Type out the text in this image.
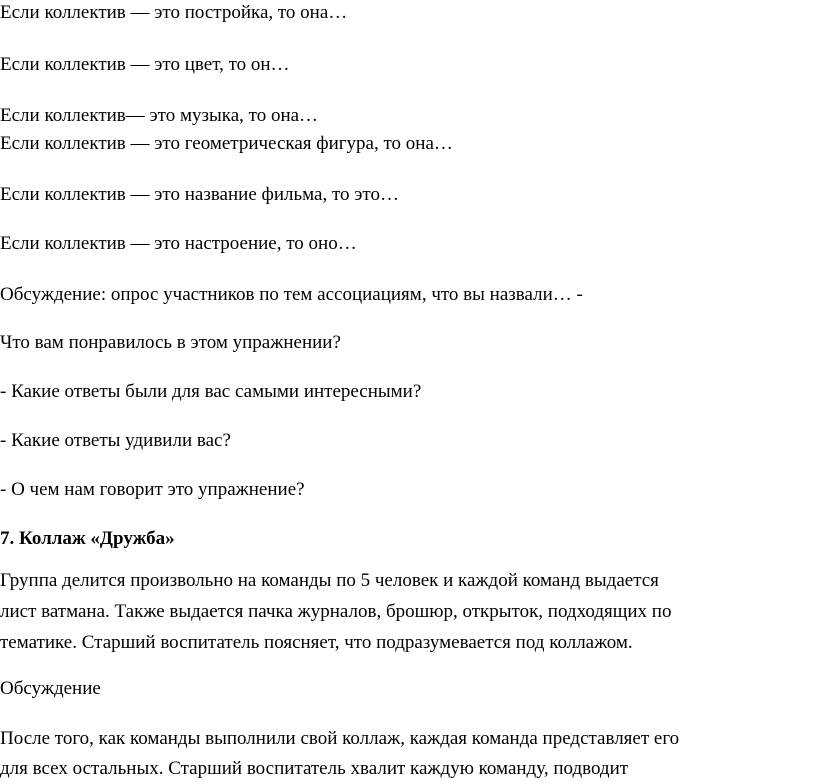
Если коллектив — это постройка, то она…

Если коллектив — это цвет, то он…

Если коллектив— это музыка, то она…

Если коллектив — это геометрическая фигура, то она…

Если коллектив — это название фильма, то это…

Если коллектив — это настроение, то оно…

Обсуждение: опрос участников по тем ассоциациям, что вы назвали… -

Что вам понравилось в этом упражнении?

- Какие ответы были для вас самыми интересными?

- Какие ответы удивили вас?

- О чем нам говорит это упражнение?

7. Коллаж «Дружба»

Группа делится произвольно на команды по 5 человек и каждой команд выдается

лист ватмана. Также выдается пачка журналов, брошюр, открыток, подходящих по

тематике. Старший воспитатель поясняет, что подразумевается под коллажом.

Обсуждение

После того, как команды выполнили свой коллаж, каждая команда представляет его

для всех остальных. Старший воспитатель хвалит каждую команду, подводит
